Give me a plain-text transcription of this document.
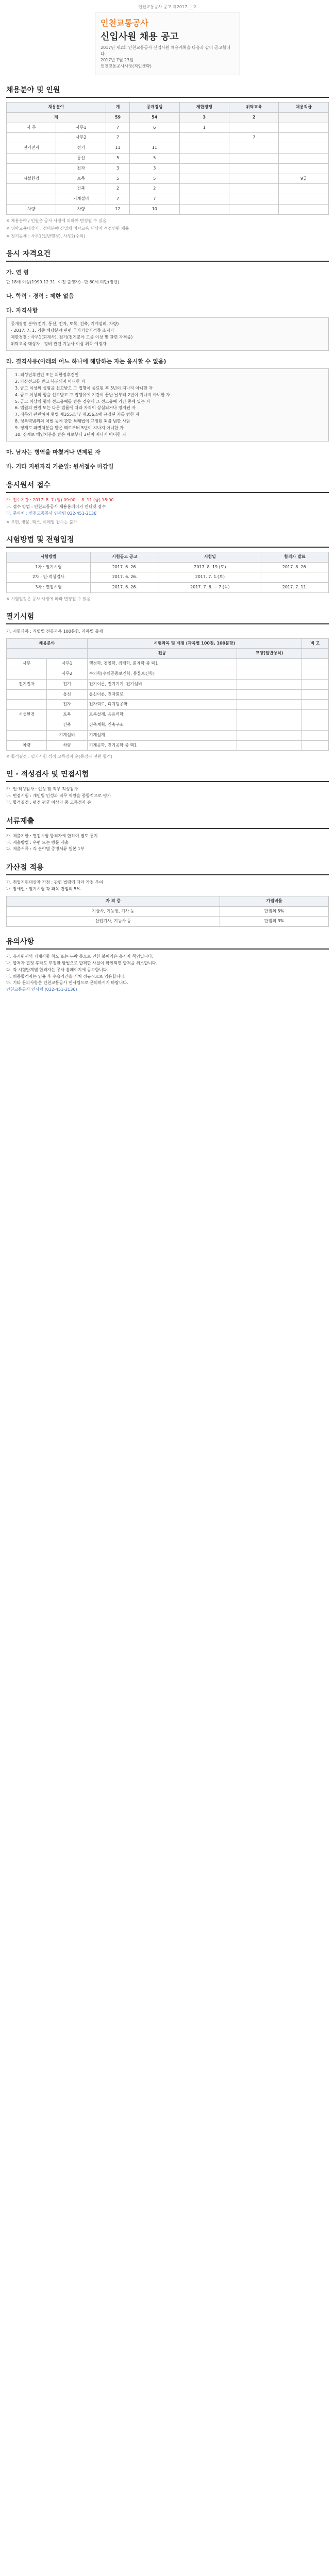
인천교통공사 공고 제2017-__호
인천교통공사
신입사원 채용 공고
2017년 제2회 인천교통공사 신입사원 채용계획을 다음과 같이 공고합니다.
2017년 7월 23일
인천교통공사사장(직인생략)
채용분야 및 인원
채용분야		계	공개경쟁	제한경쟁	위탁교육	채용직급
계		59	54	3	2	
사 무	사무1	7	6	1		
	사무2	7			7	
전기전자	전기	11	11			
	통신	5	5			
	전자	3	3			
시설환경	토목	5	5			9급
	건축	2	2			
	기계설비	7	7			
차량	차량	12	10			
※ 채용분야 / 인원은 공사 사정에 의하여 변경될 수 있음
※ 위탁교육대상자 : 정비분야 산업체 위탁교육 대상자 적정인원 채용
※ 정기공채 : 사무1(일반행정), 사무2(수의)
응시 자격요건
가. 연 령
만 18세 이상(1999.12.31. 이전 출생자)~만 60세 미만(정년)
나. 학력 · 경력 : 제한 없음
다. 자격사항
공개경쟁 분야(전기, 통신, 전자, 토목, 건축, 기계설비, 차량)
- 2017. 7. 1. 기준 해당분야 관련 국가기술자격증 소지자
제한경쟁 : 사무1(회계사), 전기(전기분야 고졸 이상 및 관련 자격증)
위탁교육 대상자 : 정비 관련 기능사 이상 취득 예정자
라. 결격사유(아래의 어느 하나에 해당하는 자는 응시할 수 없음)
1. 피성년후견인 또는 피한정후견인
2. 파산선고를 받고 복권되지 아니한 자
3. 금고 이상의 실형을 선고받고 그 집행이 종료된 후 5년이 지나지 아니한 자
4. 금고 이상의 형을 선고받고 그 집행유예 기간이 끝난 날부터 2년이 지나지 아니한 자
5. 금고 이상의 형의 선고유예를 받은 경우에 그 선고유예 기간 중에 있는 자
6. 법원의 판결 또는 다른 법률에 따라 자격이 상실되거나 정지된 자
7. 직무와 관련하여 형법 제355조 및 제356조에 규정된 죄를 범한 자
8. 성폭력범죄의 처벌 등에 관한 특례법에 규정된 죄를 범한 사람
9. 징계로 파면처분을 받은 때로부터 5년이 지나지 아니한 자
10. 징계로 해임처분을 받은 때로부터 3년이 지나지 아니한 자
마. 남자는 병역을 마쳤거나 면제된 자
바. 기타 지원자격 기준일: 원서접수 마감일
응시원서 접수
가. 접수기간 : 2017. 8. 7.(월) 09:00 ~ 8. 11.(금) 18:00
나. 접수 방법 : 인천교통공사 채용홈페이지 인터넷 접수
다. 문의처 : 인천교통공사 인사팀 032-451-2136
※ 우편, 방문, 팩스, 이메일 접수는 불가
시험방법 및 전형일정
시험방법	시험공고 공고	시험일	합격자 발표
1차 : 필기시험	2017. 6. 26.	2017. 8. 19.(토)	2017. 8. 26.
2차 : 인·적성검사	2017. 6. 26.	2017. 7. 1.(토)	
3차 : 면접시험	2017. 6. 26.	2017. 7. 6. ~ 7.(목)	2017. 7. 11.
※ 시험일정은 공사 사정에 따라 변경될 수 있음
필기시험
가. 시험과목 : 직렬별 전공과목 100문항, 과목별 출제
채용분야		시험과목 및 배점 (과목별 100점, 100문항)		비 고
		전공	교양(일반상식)	
사무	사무1	행정학, 경영학, 경제학, 회계학 중 택1		
	사무2	수의학(수의공중보건학, 동물보건학)		
전기전자	전기	전기이론, 전기기기, 전기설비		
	통신	통신이론, 전자회로		
	전자	전자회로, 디지털공학		
시설환경	토목	토목설계, 응용역학		
	건축	건축계획, 건축구조		
	기계설비	기계설계		
차량	차량	기계공학, 전기공학 중 택1		
※ 합격결정 : 필기시험 성적 고득점자 순(동점자 전원 합격)
인 · 적성검사 및 면접시험
가. 인·적성검사 : 인성 및 직무 적성검사
나. 면접시험 : 개인별 인성과 직무 역량을 종합적으로 평가
다. 합격결정 : 평점 평균 이상자 중 고득점자 순
서류제출
가. 제출기한 : 면접시험 합격자에 한하여 별도 통지
나. 제출방법 : 우편 또는 방문 제출
다. 제출서류 : 각 분야별 증빙서류 원본 1부
가산점 적용
가. 취업지원대상자 가점 : 관련 법령에 따라 가점 부여
나. 장애인 : 필기시험 각 과목 만점의 5%
자 격 증	가점비율
기술사, 기능장, 기사 등	만점의 5%
산업기사, 기능사 등	만점의 3%
유의사항
가. 응시원서의 기재사항 착오 또는 누락 등으로 인한 불이익은 응시자 책임입니다.
나. 합격자 결정 후라도 부정한 방법으로 합격한 사실이 확인되면 합격을 취소합니다.
다. 각 시험단계별 합격자는 공사 홈페이지에 공고합니다.
라. 최종합격자는 임용 후 수습기간을 거쳐 정규직으로 임용합니다.
마. 기타 문의사항은 인천교통공사 인사팀으로 문의하시기 바랍니다.
인천교통공사 인사팀 (032-451-2136)
